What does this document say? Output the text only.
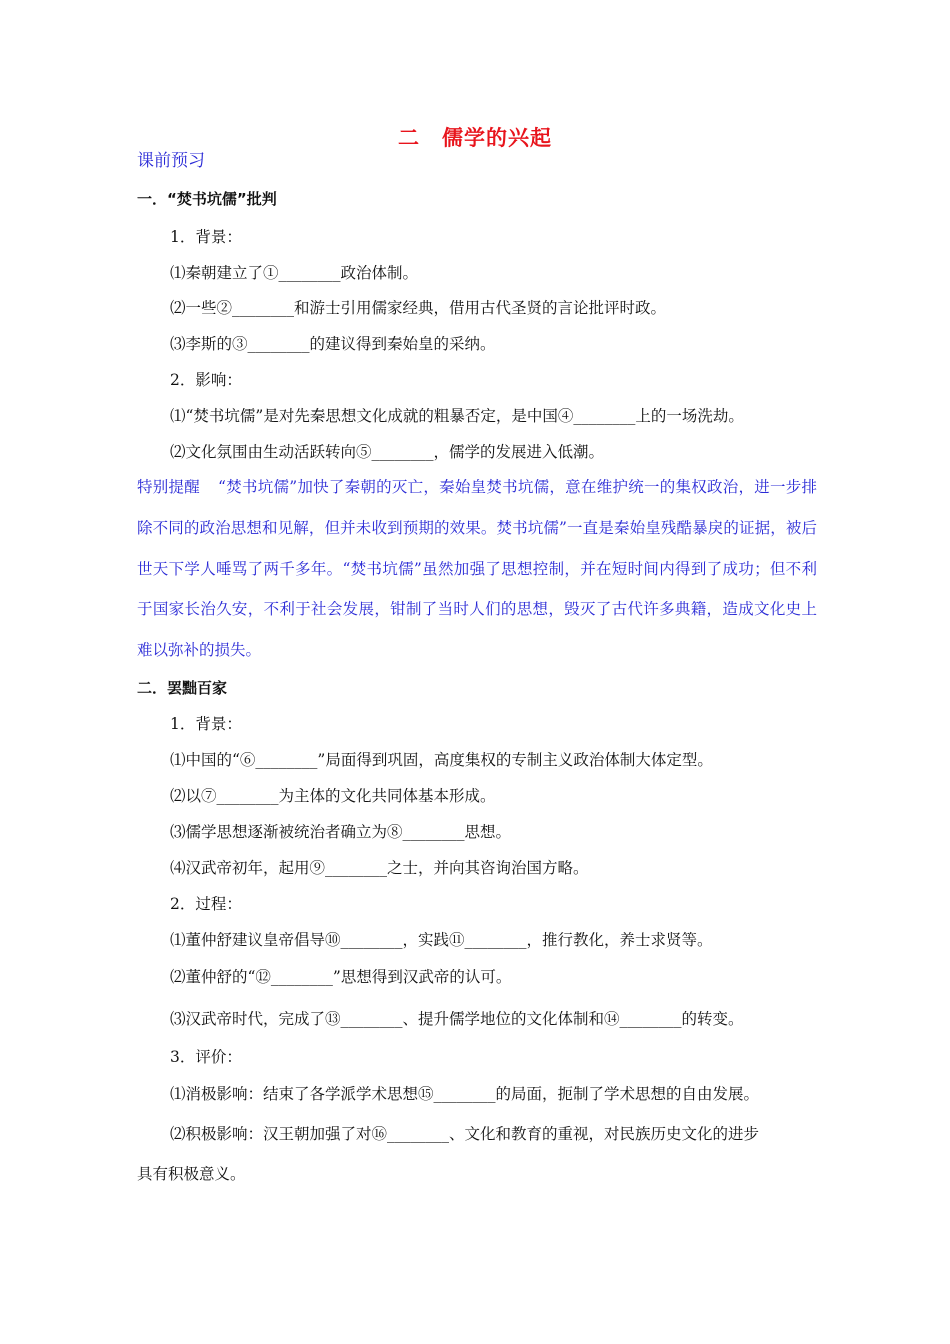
二　儒学的兴起
课前预习
一．“焚书坑儒”批判
1．背景：
⑴秦朝建立了①________政治体制。
⑵一些②________和游士引用儒家经典，借用古代圣贤的言论批评时政。
⑶李斯的③________的建议得到秦始皇的采纳。
2．影响：
⑴“焚书坑儒”是对先秦思想文化成就的粗暴否定，是中国④________上的一场洗劫。
⑵文化氛围由生动活跃转向⑤________，儒学的发展进入低潮。
特别提醒 “焚书坑儒”加快了秦朝的灭亡，秦始皇焚书坑儒，意在维护统一的集权政治，进一步排除不同的政治思想和见解，但并未收到预期的效果。焚书坑儒”一直是秦始皇残酷暴戾的证据，被后世天下学人唾骂了两千多年。“焚书坑儒”虽然加强了思想控制，并在短时间内得到了成功；但不利于国家长治久安，不利于社会发展，钳制了当时人们的思想，毁灭了古代许多典籍，造成文化史上难以弥补的损失。
二．罢黜百家
1．背景：
⑴中国的“⑥________”局面得到巩固，高度集权的专制主义政治体制大体定型。
⑵以⑦________为主体的文化共同体基本形成。
⑶儒学思想逐渐被统治者确立为⑧________思想。
⑷汉武帝初年，起用⑨________之士，并向其咨询治国方略。
2．过程：
⑴董仲舒建议皇帝倡导⑩________，实践⑪________，推行教化，养士求贤等。
⑵董仲舒的“⑫________”思想得到汉武帝的认可。
⑶汉武帝时代，完成了⑬________、提升儒学地位的文化体制和⑭________的转变。
3．评价：
⑴消极影响：结束了各学派学术思想⑮________的局面，扼制了学术思想的自由发展。
⑵积极影响：汉王朝加强了对⑯________、文化和教育的重视，对民族历史文化的进步
具有积极意义。
